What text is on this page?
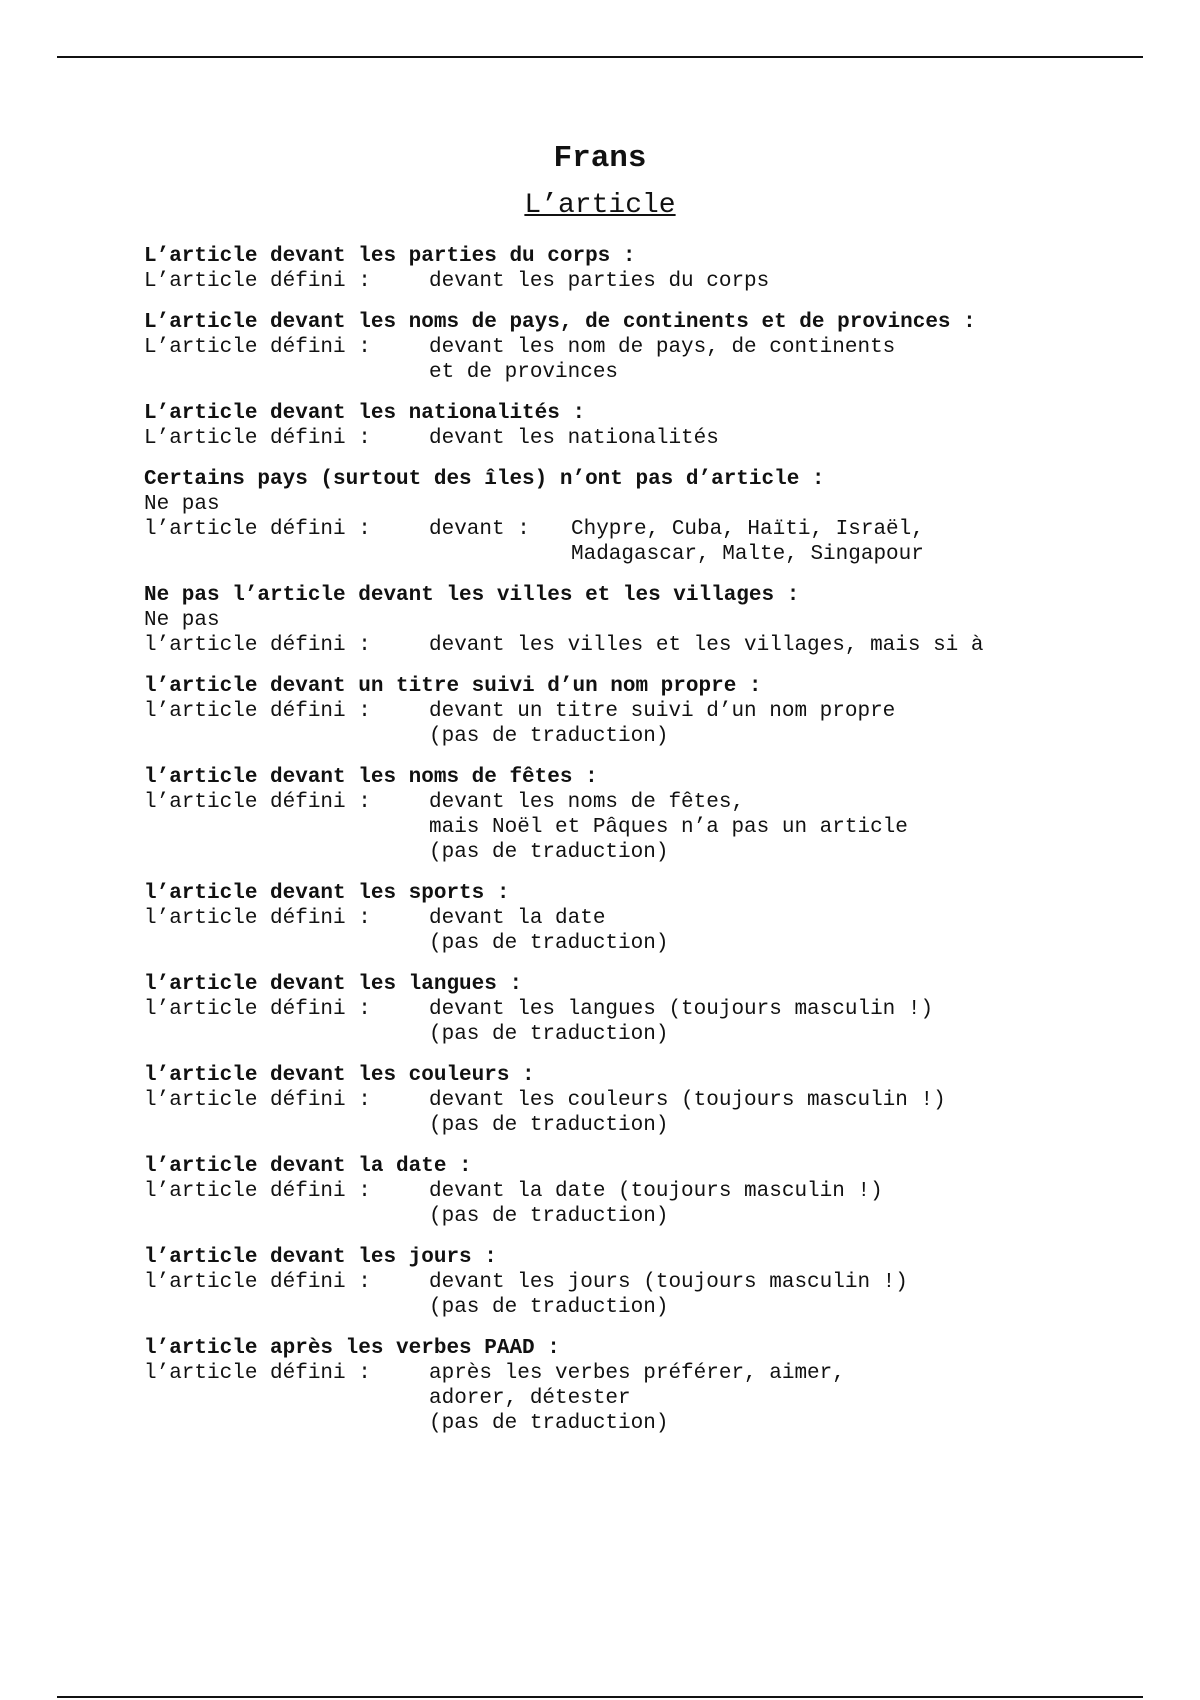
Frans
L’article
L’article devant les parties du corps :
L’article défini :	devant les parties du corps
L’article devant les noms de pays, de continents et de provinces :
L’article défini :	devant les nom de pays, de continents
et de provinces
L’article devant les nationalités :
L’article défini :	devant les nationalités
Certains pays (surtout des îles) n’ont pas d’article :
Ne pas
l’article défini :	devant :	Chypre, Cuba, Haïti, Israël,
Madagascar, Malte, Singapour
Ne pas l’article devant les villes et les villages :
Ne pas
l’article défini :	devant les villes et les villages, mais si à
l’article devant un titre suivi d’un nom propre :
l’article défini :	devant un titre suivi d’un nom propre
(pas de traduction)
l’article devant les noms de fêtes :
l’article défini :	devant les noms de fêtes,
mais Noël et Pâques n’a pas un article
(pas de traduction)
l’article devant les sports :
l’article défini :	devant la date
(pas de traduction)
l’article devant les langues :
l’article défini :	devant les langues (toujours masculin !)
(pas de traduction)
l’article devant les couleurs :
l’article défini :	devant les couleurs (toujours masculin !)
(pas de traduction)
l’article devant la date :
l’article défini :	devant la date (toujours masculin !)
(pas de traduction)
l’article devant les jours :
l’article défini :	devant les jours (toujours masculin !)
(pas de traduction)
l’article après les verbes PAAD :
l’article défini :	après les verbes préférer, aimer,
adorer, détester
(pas de traduction)
